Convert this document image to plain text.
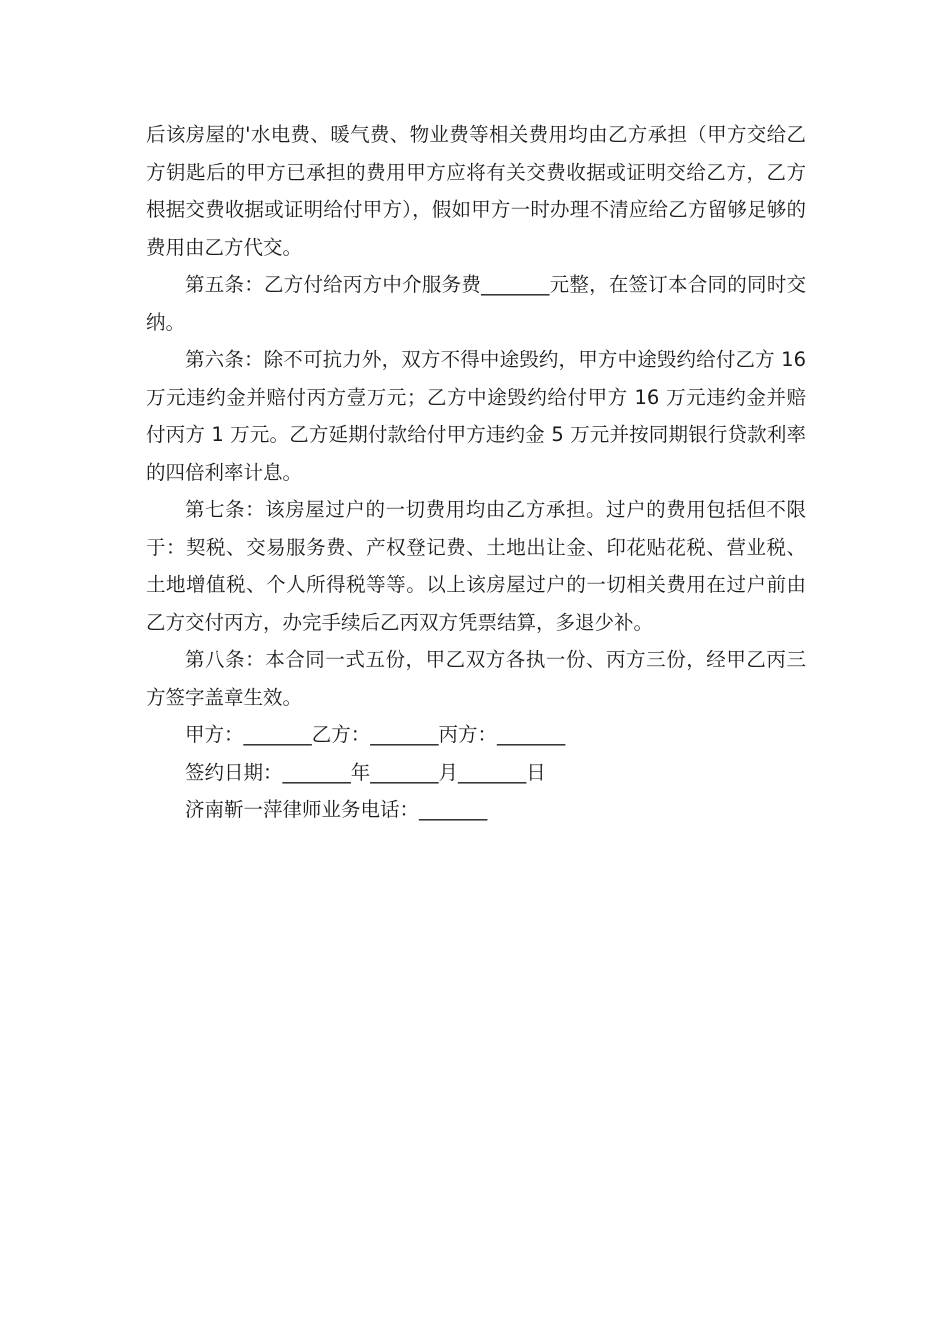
后该房屋的'水电费、暖气费、物业费等相关费用均由乙方承担（甲方交给乙方钥匙后的甲方已承担的费用甲方应将有关交费收据或证明交给乙方，乙方根据交费收据或证明给付甲方），假如甲方一时办理不清应给乙方留够足够的费用由乙方代交。

第五条：乙方付给丙方中介服务费_______元整，在签订本合同的同时交纳。

第六条：除不可抗力外，双方不得中途毁约，甲方中途毁约给付乙方 16 万元违约金并赔付丙方壹万元；乙方中途毁约给付甲方 16 万元违约金并赔付丙方 1 万元。乙方延期付款给付甲方违约金 5 万元并按同期银行贷款利率的四倍利率计息。

第七条：该房屋过户的一切费用均由乙方承担。过户的费用包括但不限于：契税、交易服务费、产权登记费、土地出让金、印花贴花税、营业税、土地增值税、个人所得税等等。以上该房屋过户的一切相关费用在过户前由乙方交付丙方，办完手续后乙丙双方凭票结算，多退少补。

第八条：本合同一式五份，甲乙双方各执一份、丙方三份，经甲乙丙三方签字盖章生效。

甲方：_______乙方：_______丙方：_______

签约日期：_______年_______月_______日

济南靳一萍律师业务电话：_______
